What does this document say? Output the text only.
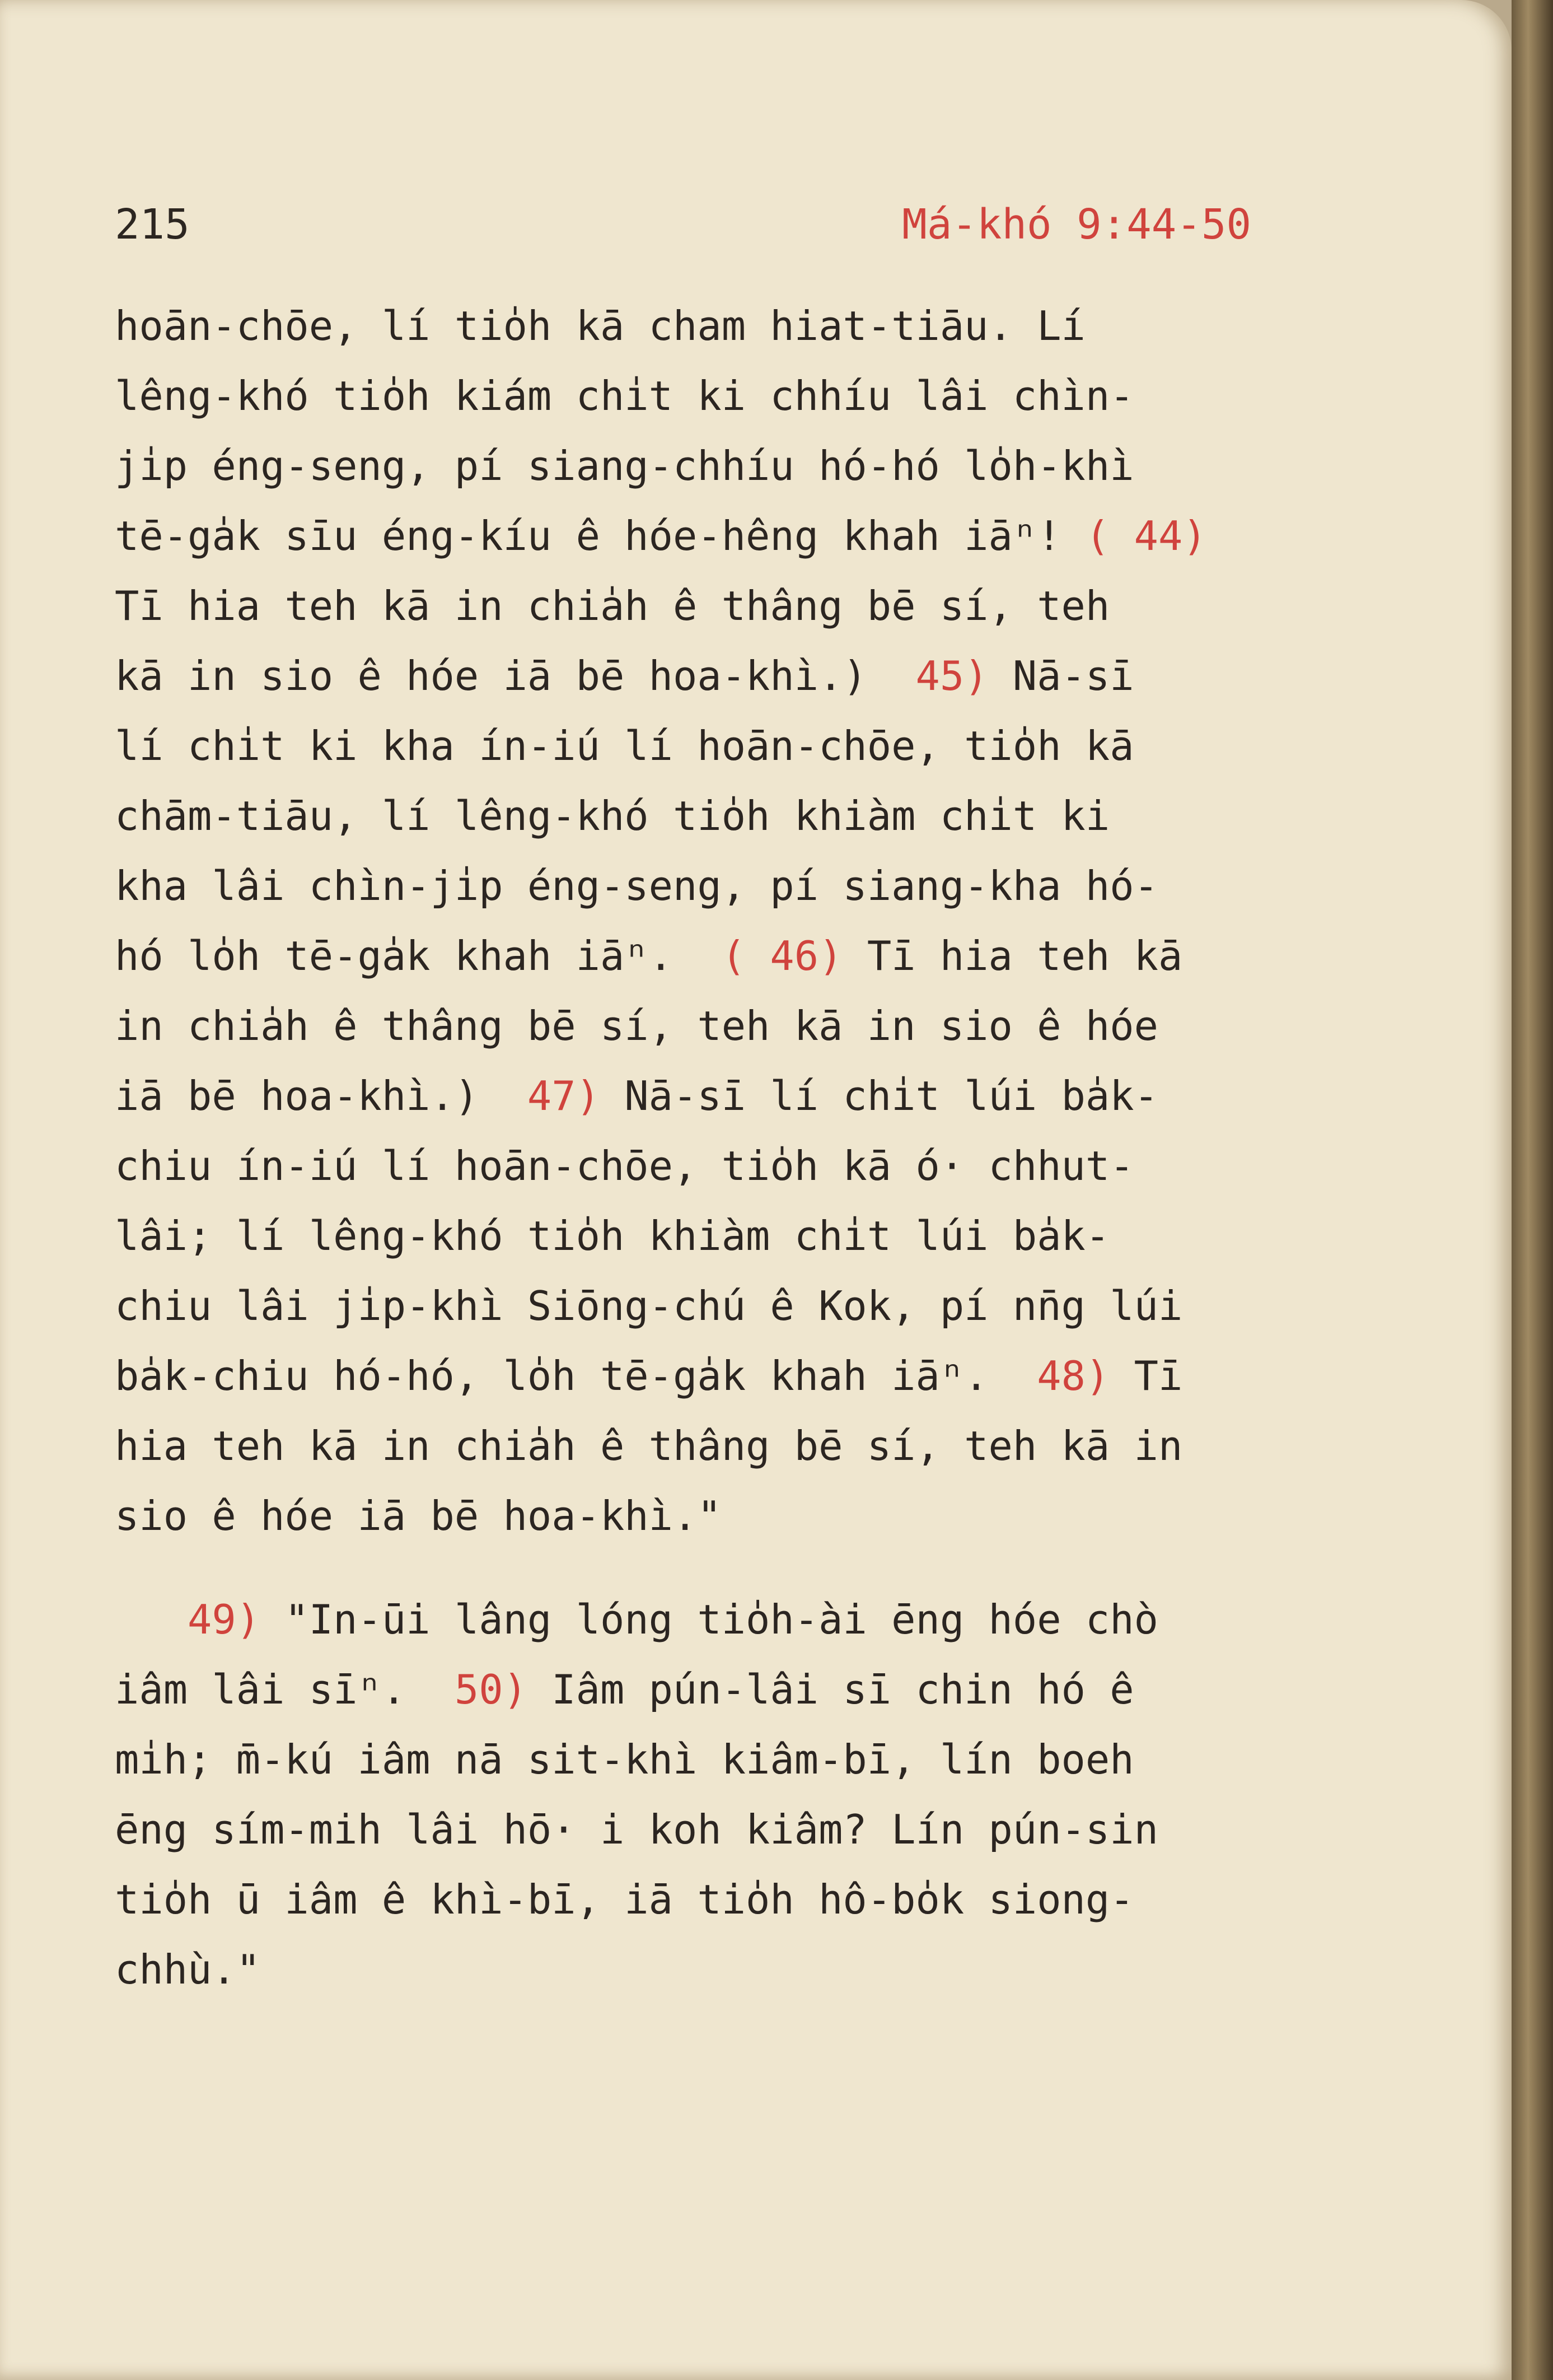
215	Má-khó 9:44-50
hoān-chōe, lí tio̍h kā cham hiat-tiāu. Lí
lêng-khó tio̍h kiám chi̍t ki chhíu lâi chìn-
ji̍p éng-seng, pí siang-chhíu hó-hó lo̍h-khì
tē-ga̍k sīu éng-kíu ê hóe-hêng khah iāⁿ! ( 44)
Tī hia teh kā in chia̍h ê thâng bē sí, teh
kā in sio ê hóe iā bē hoa-khì.) 45) Nā-sī
lí chi̍t ki kha ín-iú lí hoān-chōe, tio̍h kā
chām-tiāu, lí lêng-khó tio̍h khiàm chi̍t ki
kha lâi chìn-ji̍p éng-seng, pí siang-kha hó-
hó lo̍h tē-ga̍k khah iāⁿ. ( 46) Tī hia teh kā
in chia̍h ê thâng bē sí, teh kā in sio ê hóe
iā bē hoa-khì.) 47) Nā-sī lí chi̍t lúi ba̍k-
chiu ín-iú lí hoān-chōe, tio̍h kā ó· chhut-
lâi; lí lêng-khó tio̍h khiàm chi̍t lúi ba̍k-
chiu lâi ji̍p-khì Siōng-chú ê Kok, pí nn̄g lúi
ba̍k-chiu hó-hó, lo̍h tē-ga̍k khah iāⁿ. 48) Tī
hia teh kā in chia̍h ê thâng bē sí, teh kā in
sio ê hóe iā bē hoa-khì."
49) "In-ūi lâng lóng tio̍h-ài ēng hóe chò
iâm lâi sīⁿ. 50) Iâm pún-lâi sī chin hó ê
mi̍h; m̄-kú iâm nā sit-khì kiâm-bī, lín boeh
ēng sím-mih lâi hō· i koh kiâm? Lín pún-sin
tio̍h ū iâm ê khì-bī, iā tio̍h hô-bo̍k siong-
chhù."
